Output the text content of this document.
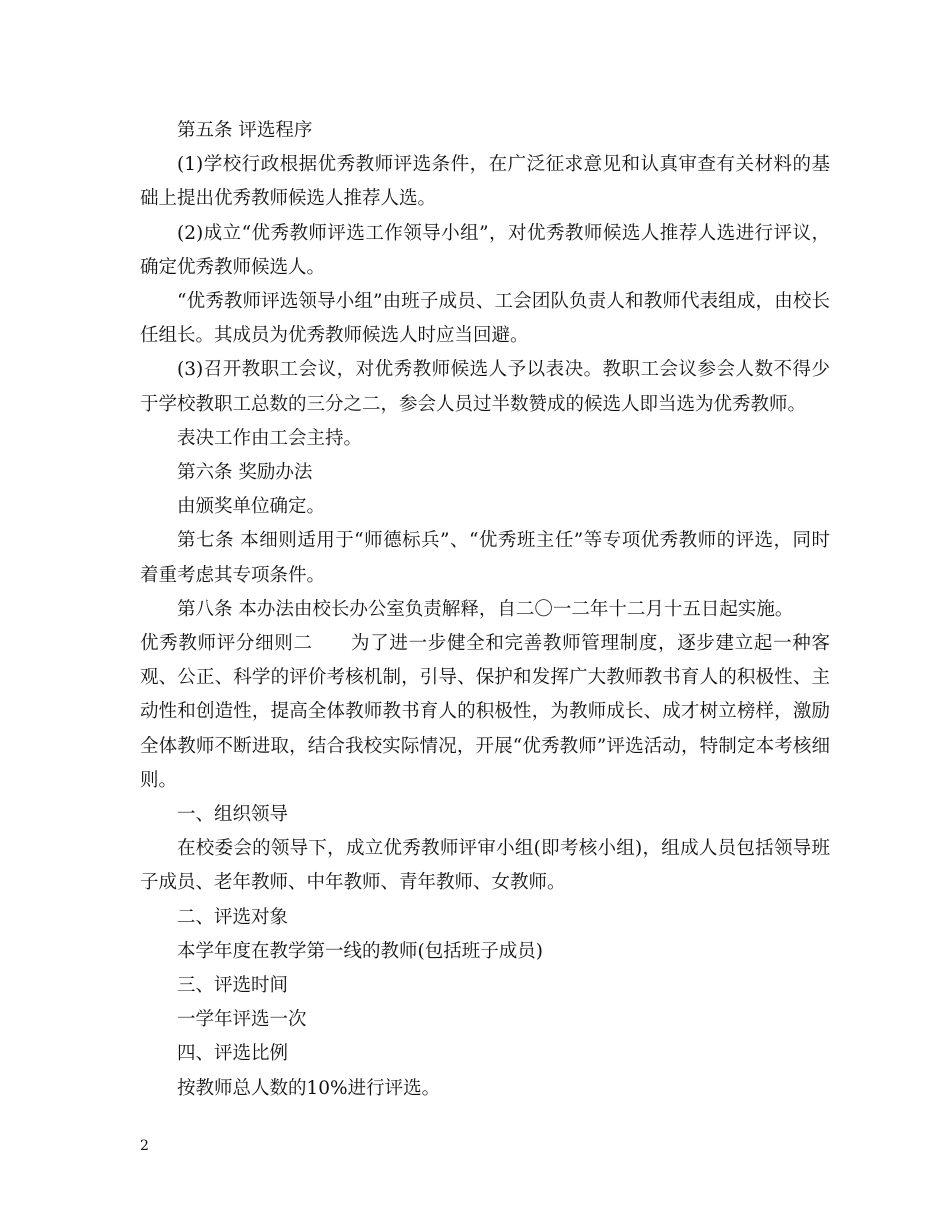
第五条 评选程序

(1)学校行政根据优秀教师评选条件，在广泛征求意见和认真审查有关材料的基础上提出优秀教师候选人推荐人选。

(2)成立“优秀教师评选工作领导小组”，对优秀教师候选人推荐人选进行评议，确定优秀教师候选人。

“优秀教师评选领导小组”由班子成员、工会团队负责人和教师代表组成，由校长任组长。其成员为优秀教师候选人时应当回避。

(3)召开教职工会议，对优秀教师候选人予以表决。教职工会议参会人数不得少于学校教职工总数的三分之二，参会人员过半数赞成的候选人即当选为优秀教师。

表决工作由工会主持。

第六条 奖励办法

由颁奖单位确定。

第七条 本细则适用于“师德标兵”、“优秀班主任”等专项优秀教师的评选，同时着重考虑其专项条件。

第八条 本办法由校长办公室负责解释，自二〇一二年十二月十五日起实施。

优秀教师评分细则二　　为了进一步健全和完善教师管理制度，逐步建立起一种客观、公正、科学的评价考核机制，引导、保护和发挥广大教师教书育人的积极性、主动性和创造性，提高全体教师教书育人的积极性，为教师成长、成才树立榜样，激励全体教师不断进取，结合我校实际情况，开展“优秀教师”评选活动，特制定本考核细则。

一、组织领导

在校委会的领导下，成立优秀教师评审小组(即考核小组)，组成人员包括领导班子成员、老年教师、中年教师、青年教师、女教师。

二、评选对象

本学年度在教学第一线的教师(包括班子成员)

三、评选时间

一学年评选一次

四、评选比例

按教师总人数的10%进行评选。

2
